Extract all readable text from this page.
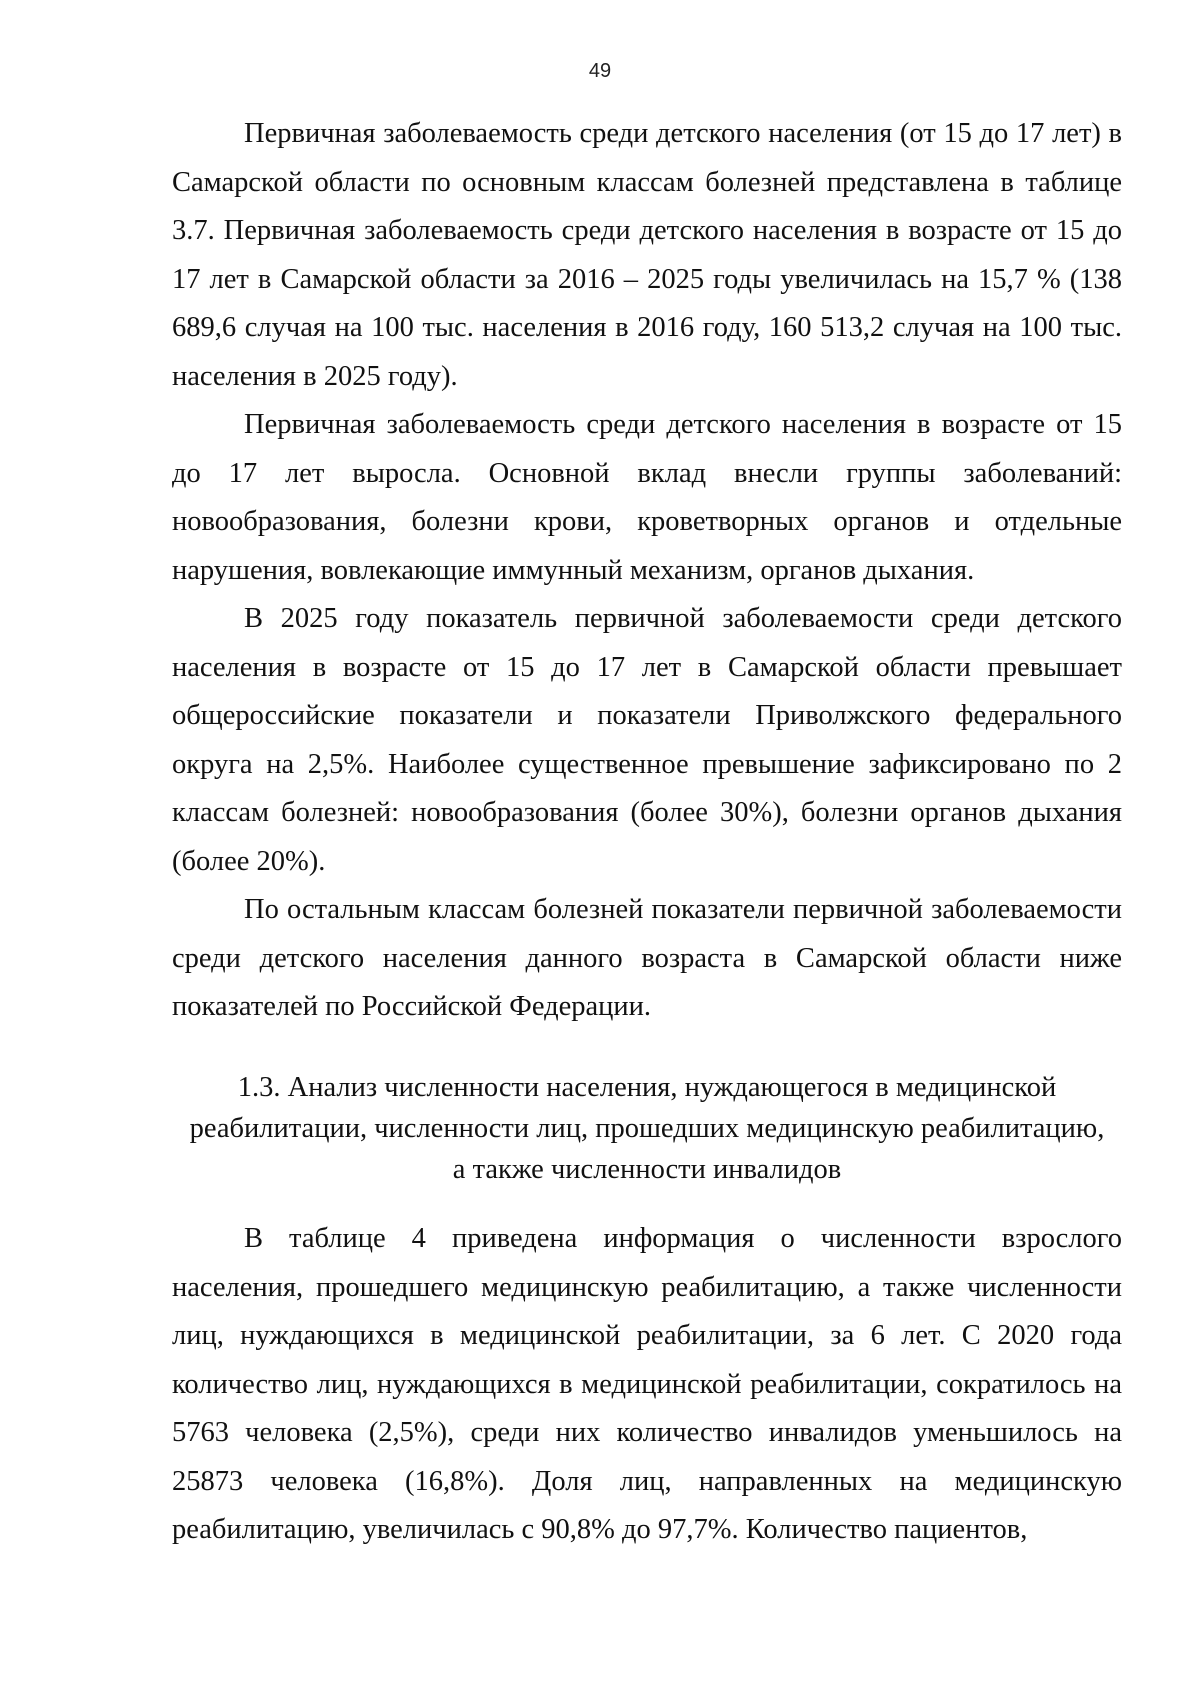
49

Первичная заболеваемость среди детского населения (от 15 до 17 лет) в Самарской области по основным классам болезней представлена в таблице 3.7. Первичная заболеваемость среди детского населения в возрасте от 15 до 17 лет в Самарской области за 2016 – 2025 годы увеличилась на 15,7 % (138 689,6 случая на 100 тыс. населения в 2016 году, 160 513,2 случая на 100 тыс. населения в 2025 году).

Первичная заболеваемость среди детского населения в возрасте от 15 до 17 лет выросла. Основной вклад внесли группы заболеваний: новообразования, болезни крови, кроветворных органов и отдельные нарушения, вовлекающие иммунный механизм, органов дыхания.

В 2025 году показатель первичной заболеваемости среди детского населения в возрасте от 15 до 17 лет в Самарской области превышает общероссийские показатели и показатели Приволжского федерального округа на 2,5%. Наиболее существенное превышение зафиксировано по 2 классам болезней: новообразования (более 30%), болезни органов дыхания (более 20%).

По остальным классам болезней показатели первичной заболеваемости среди детского населения данного возраста в Самарской области ниже показателей по Российской Федерации.

1.3. Анализ численности населения, нуждающегося в медицинской
реабилитации, численности лиц, прошедших медицинскую реабилитацию,
а также численности инвалидов

В таблице 4 приведена информация о численности взрослого населения, прошедшего медицинскую реабилитацию, а также численности лиц, нуждающихся в медицинской реабилитации, за 6 лет. С 2020 года количество лиц, нуждающихся в медицинской реабилитации, сократилось на 5763 человека (2,5%), среди них количество инвалидов уменьшилось на 25873 человека (16,8%). Доля лиц, направленных на медицинскую реабилитацию, увеличилась с 90,8% до 97,7%. Количество пациентов,
